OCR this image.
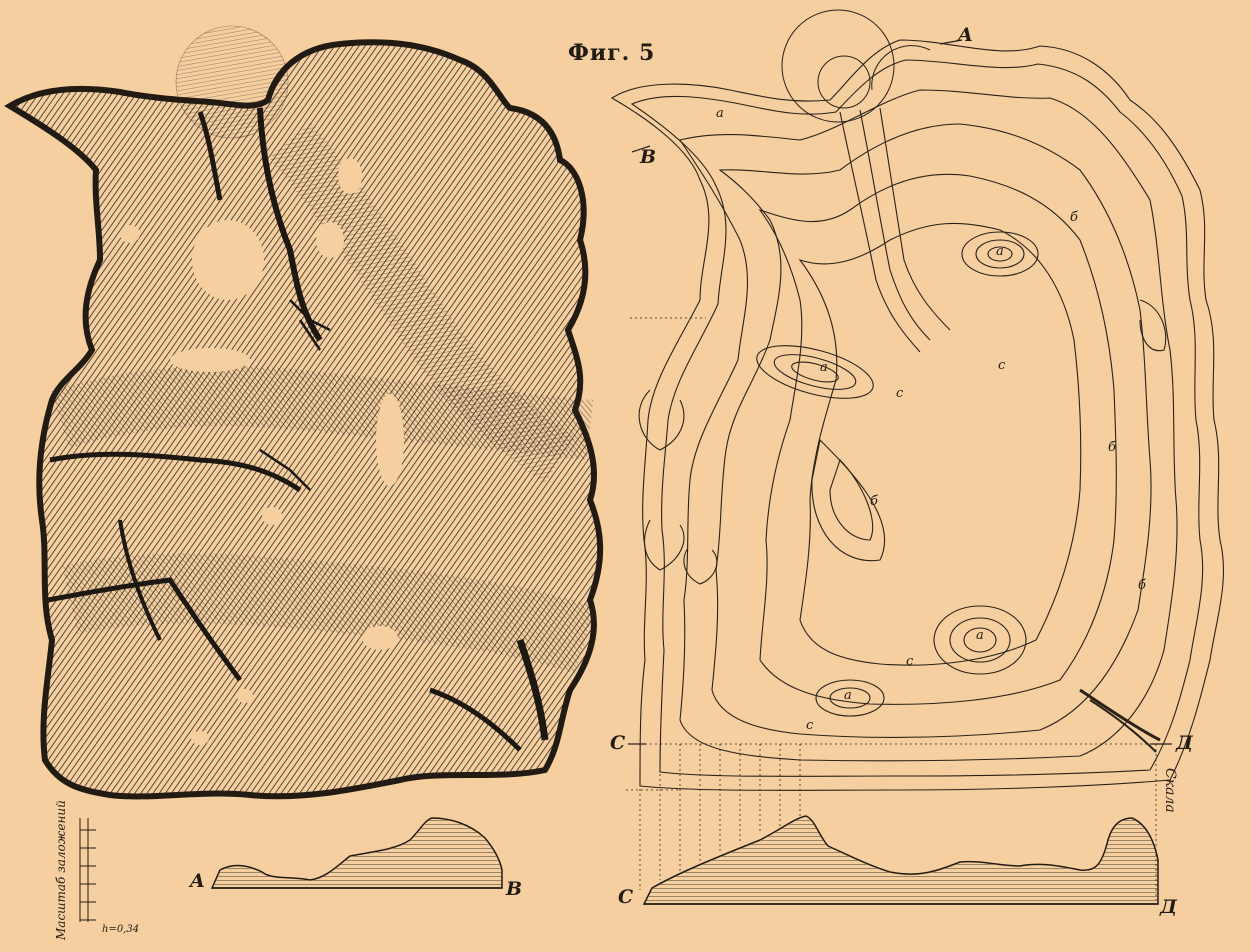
Фиг. 5
A	B
Масштаб заложений	h=0,34
A
B
C	Д
а
а
а
а
а
б
б
б
б
c
c
c
c
Скала
C	Д
